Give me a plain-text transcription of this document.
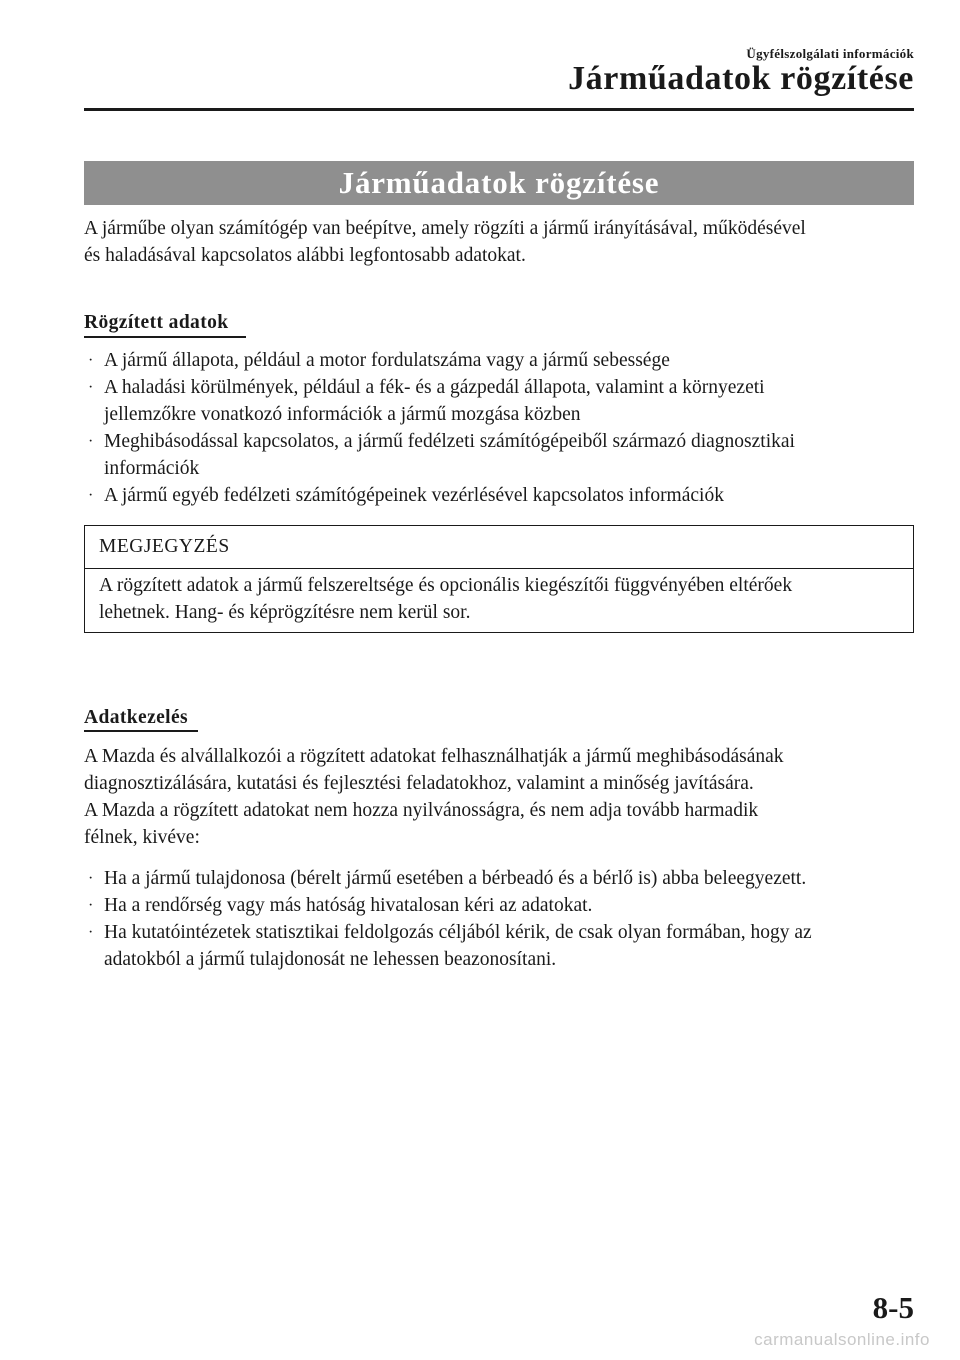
Ügyfélszolgálati információk
Járműadatok rögzítése
Járműadatok rögzítése
A járműbe olyan számítógép van beépítve, amely rögzíti a jármű irányításával, működésével
és haladásával kapcsolatos alábbi legfontosabb adatokat.
Rögzített adatok
· A jármű állapota, például a motor fordulatszáma vagy a jármű sebessége
· A haladási körülmények, például a fék- és a gázpedál állapota, valamint a környezeti
jellemzőkre vonatkozó információk a jármű mozgása közben
· Meghibásodással kapcsolatos, a jármű fedélzeti számítógépeiből származó diagnosztikai
információk
· A jármű egyéb fedélzeti számítógépeinek vezérlésével kapcsolatos információk
MEGJEGYZÉS
A rögzített adatok a jármű felszereltsége és opcionális kiegészítői függvényében eltérőek
lehetnek. Hang- és képrögzítésre nem kerül sor.
Adatkezelés
A Mazda és alvállalkozói a rögzített adatokat felhasználhatják a jármű meghibásodásának
diagnosztizálására, kutatási és fejlesztési feladatokhoz, valamint a minőség javítására.
A Mazda a rögzített adatokat nem hozza nyilvánosságra, és nem adja tovább harmadik
félnek, kivéve:
· Ha a jármű tulajdonosa (bérelt jármű esetében a bérbeadó és a bérlő is) abba beleegyezett.
· Ha a rendőrség vagy más hatóság hivatalosan kéri az adatokat.
· Ha kutatóintézetek statisztikai feldolgozás céljából kérik, de csak olyan formában, hogy az
adatokból a jármű tulajdonosát ne lehessen beazonosítani.
8-5
carmanualsonline.info
